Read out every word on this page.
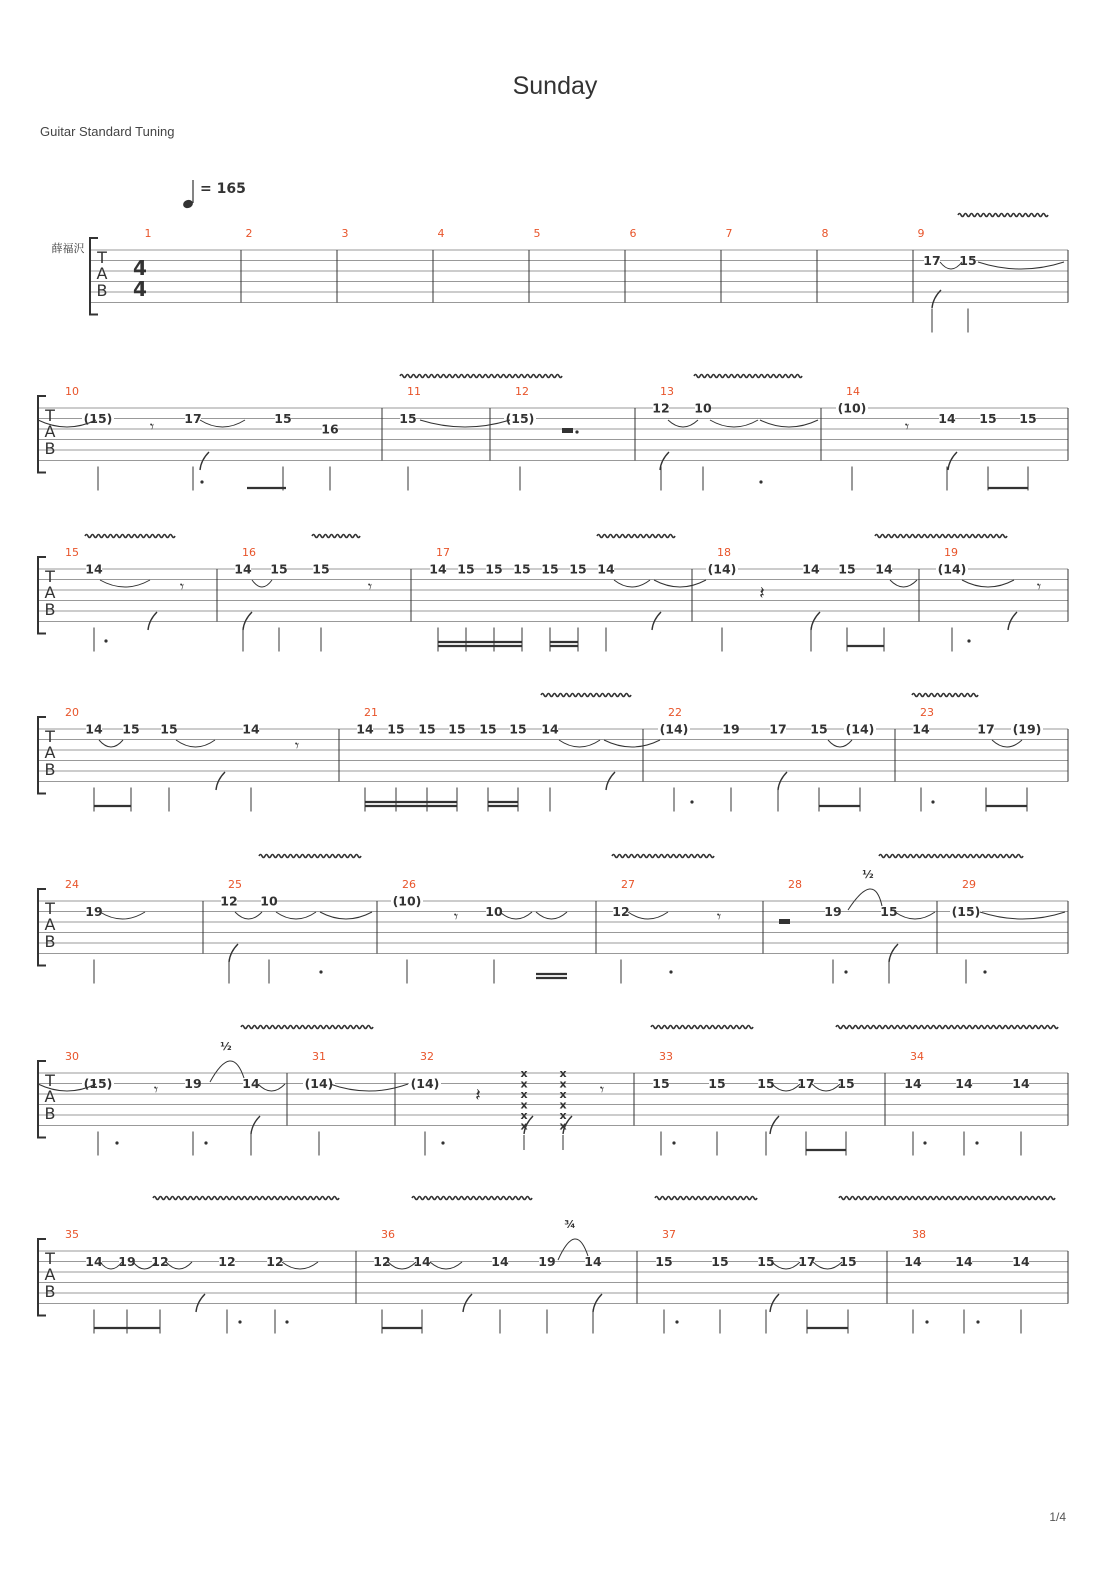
Sunday
Guitar Standard Tuning
1/4
T
A
B
1	2	3	4	5	6	7	8	9
T
A
B
10	11	12	13	14
T
A
B
15	16	17	18	19
T
A
B
20	21	22	23
T
A
B
24	25	26	27	28	29
T
A
B
30	31	32	33	34
T
A
B
35	36	37	38
4
4
薛福沢
= 165
17 15
(15)	17	15
16
15	(15)
12 10	(10)
14 15 15
14	14 15 15	14 15 15 15 15 15 14	(14)	14 15 14	(14)
14 15 15	14	14 15 15 15 15 15 14	(14)	19 17 15 (14)	14	17 (19)
19
12 10	(10)
10	12	19	15	(15)
(15)	19	14	(14)	(14)	15	15	15 17 15	14	14	14
14 19 12	12 12	12 14	14 19 14	15	15 15 17 15	14	14	14
x
x
x
x
x
x
x
x
x
x
x
x
½
½
¾
𝄾	𝄾
𝄾	𝄾	𝄾
𝄾
𝄾	𝄾
𝄾	𝄾
𝄽
𝄽
